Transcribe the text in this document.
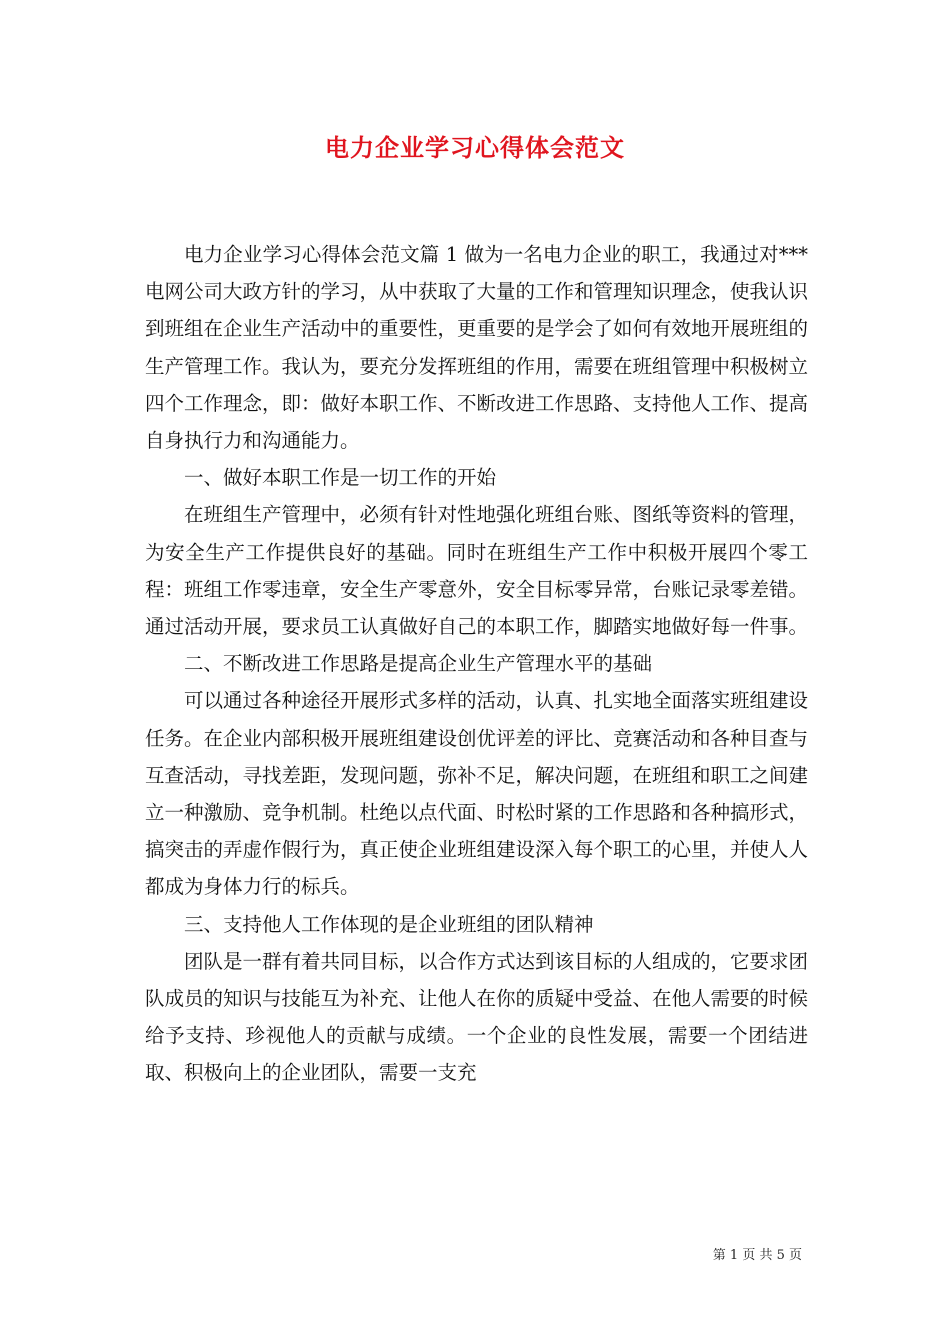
电力企业学习心得体会范文

电力企业学习心得体会范文篇 1 做为一名电力企业的职工，我通过对***电网公司大政方针的学习，从中获取了大量的工作和管理知识理念，使我认识到班组在企业生产活动中的重要性，更重要的是学会了如何有效地开展班组的生产管理工作。我认为，要充分发挥班组的作用，需要在班组管理中积极树立四个工作理念，即：做好本职工作、不断改进工作思路、支持他人工作、提高自身执行力和沟通能力。

一、做好本职工作是一切工作的开始

在班组生产管理中，必须有针对性地强化班组台账、图纸等资料的管理，为安全生产工作提供良好的基础。同时在班组生产工作中积极开展四个零工程：班组工作零违章，安全生产零意外，安全目标零异常，台账记录零差错。通过活动开展，要求员工认真做好自己的本职工作，脚踏实地做好每一件事。

二、不断改进工作思路是提高企业生产管理水平的基础

可以通过各种途径开展形式多样的活动，认真、扎实地全面落实班组建设任务。在企业内部积极开展班组建设创优评差的评比、竞赛活动和各种目查与互查活动，寻找差距，发现问题，弥补不足，解决问题，在班组和职工之间建立一种激励、竞争机制。杜绝以点代面、时松时紧的工作思路和各种搞形式，搞突击的弄虚作假行为，真正使企业班组建设深入每个职工的心里，并使人人都成为身体力行的标兵。

三、支持他人工作体现的是企业班组的团队精神

团队是一群有着共同目标，以合作方式达到该目标的人组成的，它要求团队成员的知识与技能互为补充、让他人在你的质疑中受益、在他人需要的时候给予支持、珍视他人的贡献与成绩。一个企业的良性发展，需要一个团结进取、积极向上的企业团队，需要一支充

第 1 页 共 5 页
